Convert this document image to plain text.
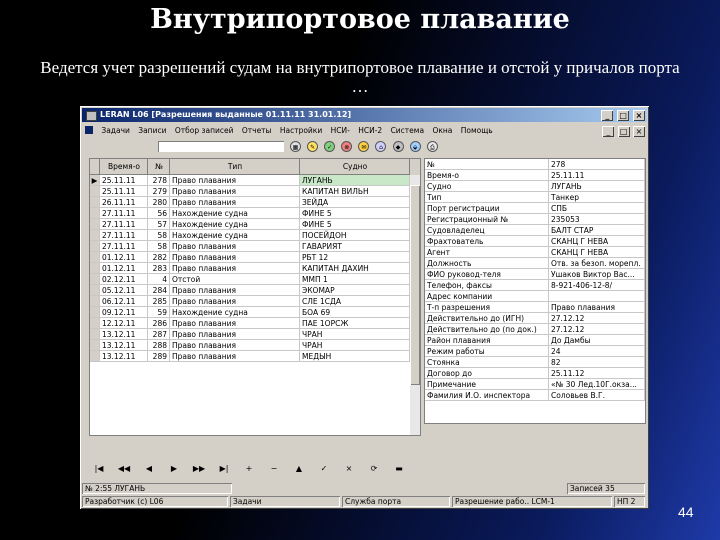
Внутрипортовое плавание
Ведется учет разрешений судам на внутрипортовое плавание и отстой у причалов порта …
44
LERAN L06 [Разрешения выданные 01.11.11 31.01.12]	_ □ ×
Задачи Записи Отбор записей Отчеты Настройки НСИ- НСИ-2 Система Окна Помощь	_ □ ×
▦ ✎ ✓ ⊗ ✉ ⌂ ◆ ⬙ ⎙
Время-о	№	Тип	Судно
▶ 25.11.11	278 Право плавания	ЛУГАНЬ
25.11.11	279 Право плавания	КАПИТАН ВИЛЬН
26.11.11	280 Право плавания	ЗЕЙДА
27.11.11	56 Нахождение судна	ФИНЕ 5
27.11.11	57 Нахождение судна	ФИНЕ 5
27.11.11	58 Нахождение судна	ПОСЕЙДОН
27.11.11	58 Право плавания	ГАВАРИЯТ
01.12.11	282 Право плавания	РБТ 12
01.12.11	283 Право плавания	КАПИТАН ДАХИН
02.12.11	4 Отстой	ММП 1
05.12.11	284 Право плавания	ЭКОМАР
06.12.11	285 Право плавания	СЛЕ 1СДА
09.12.11	59 Нахождение судна	БОА 69
12.12.11	286 Право плавания	ПАЕ 1ОРСЖ
13.12.11	287 Право плавания	ЧРАН
13.12.11	288 Право плавания	ЧРАН
13.12.11	289 Право плавания	МЕДЫН
№	278
Время-о	25.11.11
Судно	ЛУГАНЬ
Тип	Танкер
Порт регистрации	СПБ
Регистрационный №	235053
Судовладелец	БАЛТ СТАР
Фрахтователь	СКАНЦ Г НЕВА
Агент	СКАНЦ Г НЕВА
Должность	Отв. за безоп. морепл.
ФИО руковод-теля	Ушаков Виктор Вас...
Телефон, факсы	8-921-406-12-8/
Адрес компании
Т-п разрешения	Право плавания
Действительно до (ИГН)	27.12.12
Действительно до (по док.)	27.12.12
Район плавания	До Дамбы
Режим работы	24
Стоянка	82
Договор до	25.11.12
Примечание	«№ 30 Лед.10Г.окза...
Фамилия И.О. инспектора	Соловьев В.Г.
|◀	◀◀	◀	▶	▶▶	▶|	+	−	▲	✓	×	⟳	▬
№ 2:55 ЛУГАНЬ	Записей 35
Разработчик (с) L06	Задачи	Служба порта	Разрешение рабо.. LCM-1	НП 2
